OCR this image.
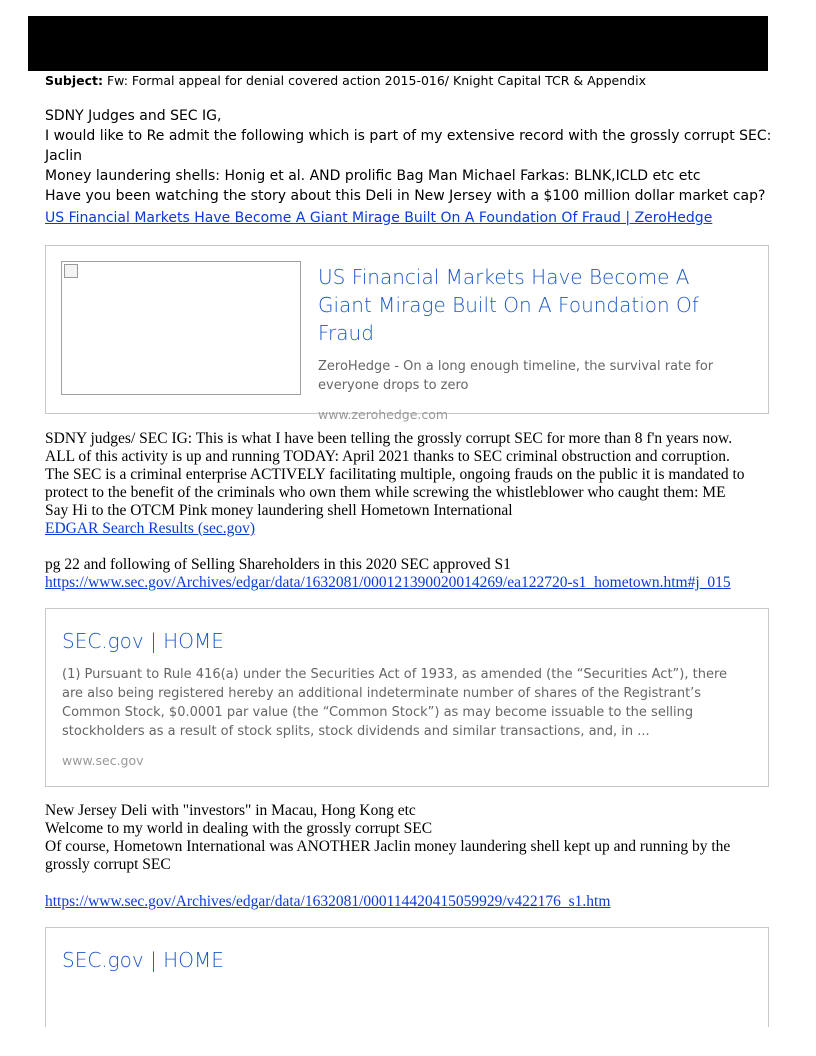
Subject: Fw: Formal appeal for denial covered action 2015-016/ Knight Capital TCR & Appendix
SDNY Judges and SEC IG,
I would like to Re admit the following which is part of my extensive record with the grossly corrupt SEC: Jaclin
Money laundering shells: Honig et al. AND prolific Bag Man Michael Farkas: BLNK,ICLD etc etc
Have you been watching the story about this Deli in New Jersey with a $100 million dollar market cap?
US Financial Markets Have Become A Giant Mirage Built On A Foundation Of Fraud | ZeroHedge
US Financial Markets Have Become A Giant Mirage Built On A Foundation Of Fraud
ZeroHedge - On a long enough timeline, the survival rate for everyone drops to zero
www.zerohedge.com
SDNY judges/ SEC IG: This is what I have been telling the grossly corrupt SEC for more than 8 f'n years now.
ALL of this activity is up and running TODAY: April 2021 thanks to SEC criminal obstruction and corruption.
The SEC is a criminal enterprise ACTIVELY facilitating multiple, ongoing frauds on the public it is mandated to
protect to the benefit of the criminals who own them while screwing the whistleblower who caught them: ME
Say Hi to the OTCM Pink money laundering shell Hometown International
EDGAR Search Results (sec.gov)
pg 22 and following of Selling Shareholders in this 2020 SEC approved S1
https://www.sec.gov/Archives/edgar/data/1632081/000121390020014269/ea122720-s1_hometown.htm#j_015
SEC.gov | HOME
(1) Pursuant to Rule 416(a) under the Securities Act of 1933, as amended (the “Securities Act”), there are also being registered hereby an additional indeterminate number of shares of the Registrant’s Common Stock, $0.0001 par value (the “Common Stock”) as may become issuable to the selling stockholders as a result of stock splits, stock dividends and similar transactions, and, in ...
www.sec.gov
New Jersey Deli with "investors" in Macau, Hong Kong etc
Welcome to my world in dealing with the grossly corrupt SEC
Of course, Hometown International was ANOTHER Jaclin money laundering shell kept up and running by the
grossly corrupt SEC
https://www.sec.gov/Archives/edgar/data/1632081/000114420415059929/v422176_s1.htm
SEC.gov | HOME
